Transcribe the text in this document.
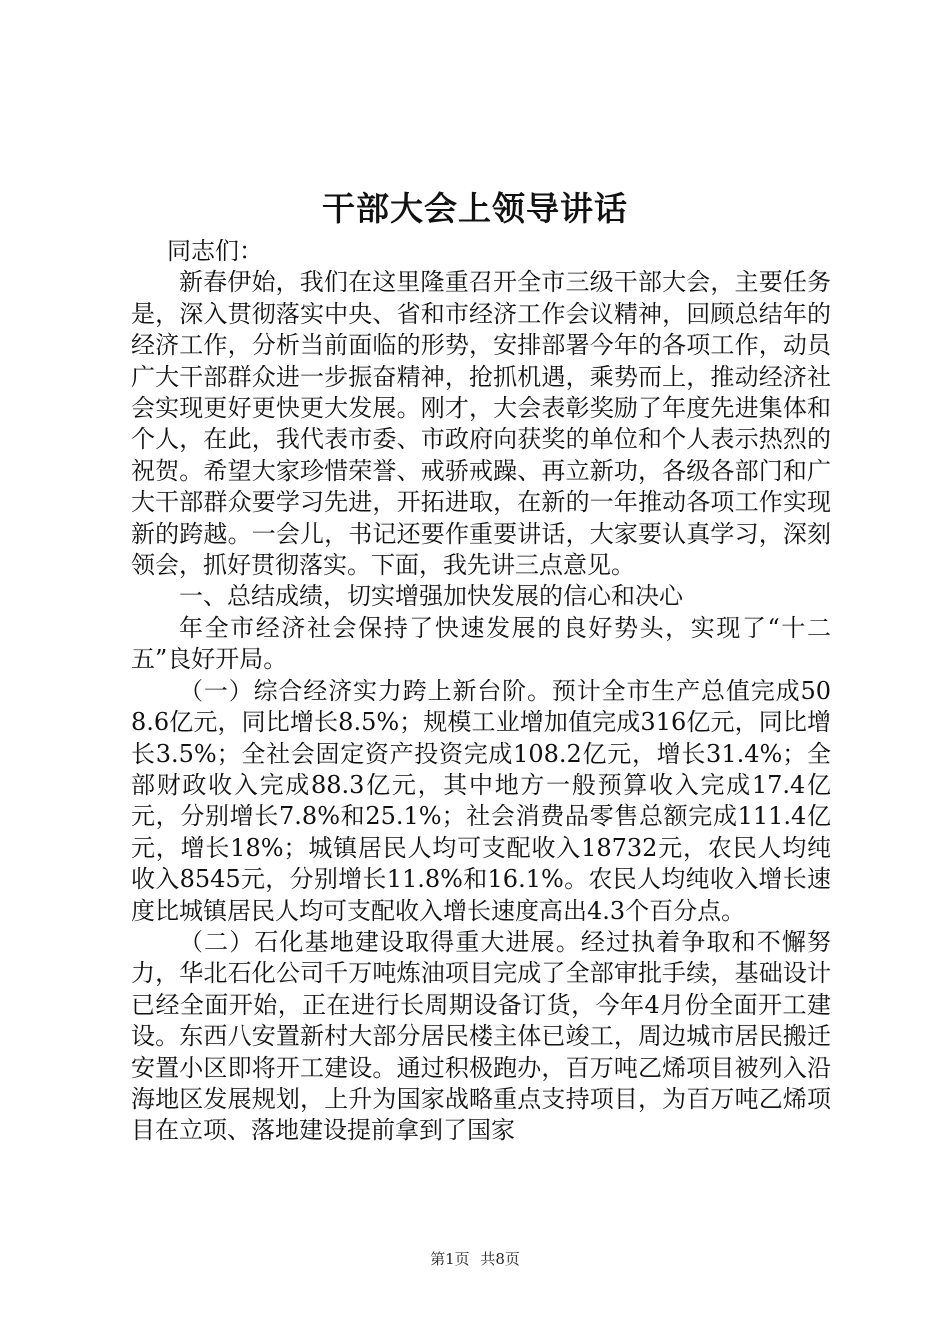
干部大会上领导讲话

同志们：

新春伊始，我们在这里隆重召开全市三级干部大会，主要任务是，深入贯彻落实中央、省和市经济工作会议精神，回顾总结年的经济工作，分析当前面临的形势，安排部署今年的各项工作，动员广大干部群众进一步振奋精神，抢抓机遇，乘势而上，推动经济社会实现更好更快更大发展。刚才，大会表彰奖励了年度先进集体和个人，在此，我代表市委、市政府向获奖的单位和个人表示热烈的祝贺。希望大家珍惜荣誉、戒骄戒躁、再立新功，各级各部门和广大干部群众要学习先进，开拓进取，在新的一年推动各项工作实现新的跨越。一会儿，书记还要作重要讲话，大家要认真学习，深刻领会，抓好贯彻落实。下面，我先讲三点意见。

一、总结成绩，切实增强加快发展的信心和决心

年全市经济社会保持了快速发展的良好势头，实现了“十二五”良好开局。

（一）综合经济实力跨上新台阶。预计全市生产总值完成508.6亿元，同比增长8.5%；规模工业增加值完成316亿元，同比增长3.5%；全社会固定资产投资完成108.2亿元，增长31.4%；全部财政收入完成88.3亿元，其中地方一般预算收入完成17.4亿元，分别增长7.8%和25.1%；社会消费品零售总额完成111.4亿元，增长18%；城镇居民人均可支配收入18732元，农民人均纯收入8545元，分别增长11.8%和16.1%。农民人均纯收入增长速度比城镇居民人均可支配收入增长速度高出4.3个百分点。

（二）石化基地建设取得重大进展。经过执着争取和不懈努力，华北石化公司千万吨炼油项目完成了全部审批手续，基础设计已经全面开始，正在进行长周期设备订货，今年4月份全面开工建设。东西八安置新村大部分居民楼主体已竣工，周边城市居民搬迁安置小区即将开工建设。通过积极跑办，百万吨乙烯项目被列入沿海地区发展规划，上升为国家战略重点支持项目，为百万吨乙烯项目在立项、落地建设提前拿到了国家

第1页 共8页
